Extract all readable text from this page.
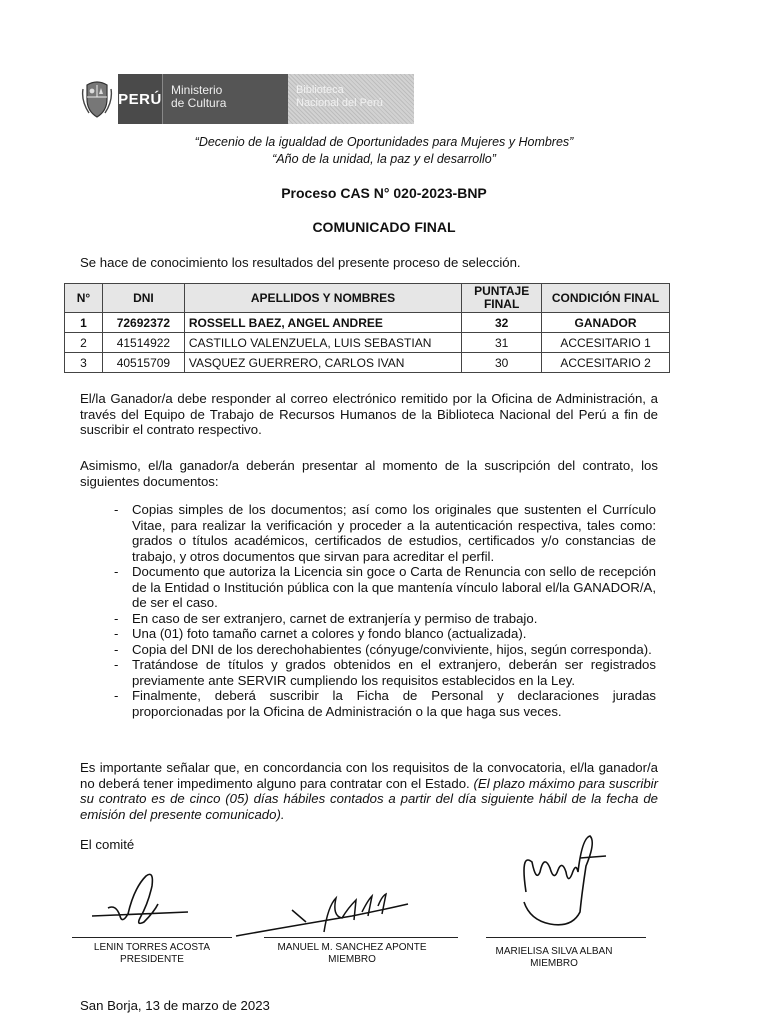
PERÚ
Ministerio
de Cultura
Biblioteca
Nacional del Perú
“Decenio de la igualdad de Oportunidades para Mujeres y Hombres”
“Año de la unidad, la paz y el desarrollo”
Proceso CAS N° 020-2023-BNP
COMUNICADO FINAL
Se hace de conocimiento los resultados del presente proceso de selección.
N°	DNI	APELLIDOS Y NOMBRES	PUNTAJE FINAL	CONDICIÓN FINAL
1	72692372	ROSSELL BAEZ, ANGEL ANDREE	32	GANADOR
2	41514922	CASTILLO VALENZUELA, LUIS SEBASTIAN	31	ACCESITARIO 1
3	40515709	VASQUEZ GUERRERO, CARLOS IVAN	30	ACCESITARIO 2
El/la Ganador/a debe responder al correo electrónico remitido por la Oficina de Administración, a través del Equipo de Trabajo de Recursos Humanos de la Biblioteca Nacional del Perú a fin de suscribir el contrato respectivo.
Asimismo, el/la ganador/a deberán presentar al momento de la suscripción del contrato, los siguientes documentos:
- Copias simples de los documentos; así como los originales que sustenten el Currículo Vitae, para realizar la verificación y proceder a la autenticación respectiva, tales como: grados o títulos académicos, certificados de estudios, certificados y/o constancias de trabajo, y otros documentos que sirvan para acreditar el perfil.
- Documento que autoriza la Licencia sin goce o Carta de Renuncia con sello de recepción de la Entidad o Institución pública con la que mantenía vínculo laboral el/la GANADOR/A, de ser el caso.
- En caso de ser extranjero, carnet de extranjería y permiso de trabajo.
- Una (01) foto tamaño carnet a colores y fondo blanco (actualizada).
- Copia del DNI de los derechohabientes (cónyuge/conviviente, hijos, según corresponda).
- Tratándose de títulos y grados obtenidos en el extranjero, deberán ser registrados previamente ante SERVIR cumpliendo los requisitos establecidos en la Ley.
- Finalmente, deberá suscribir la Ficha de Personal y declaraciones juradas proporcionadas por la Oficina de Administración o la que haga sus veces.
Es importante señalar que, en concordancia con los requisitos de la convocatoria, el/la ganador/a no deberá tener impedimento alguno para contratar con el Estado. (El plazo máximo para suscribir su contrato es de cinco (05) días hábiles contados a partir del día siguiente hábil de la fecha de emisión del presente comunicado).
El comité
LENIN TORRES ACOSTA
PRESIDENTE
MANUEL M. SANCHEZ APONTE
MIEMBRO
MARIELISA SILVA ALBAN
MIEMBRO
San Borja, 13 de marzo de 2023
